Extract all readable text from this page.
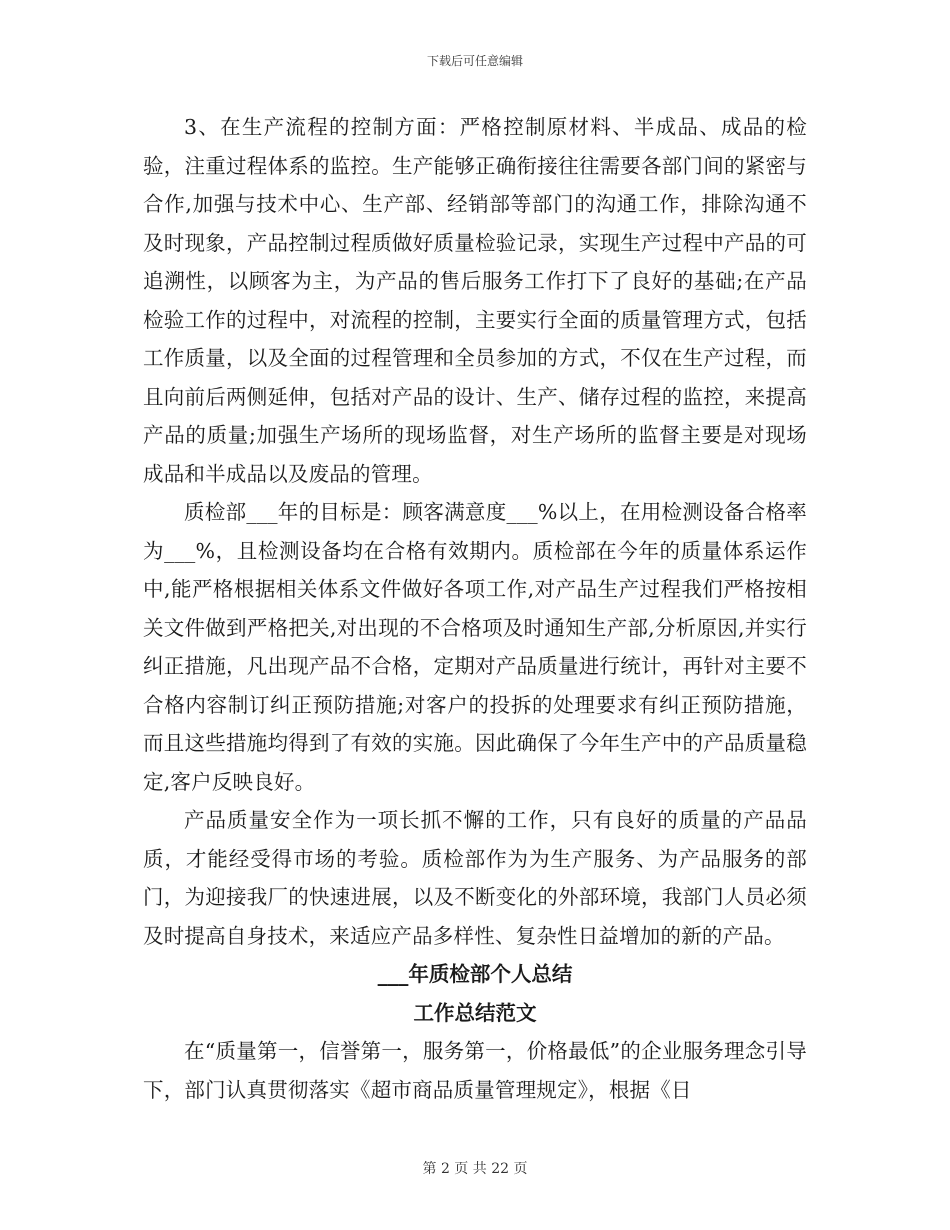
下载后可任意编辑

3、在生产流程的控制方面：严格控制原材料、半成品、成品的检验，注重过程体系的监控。生产能够正确衔接往往需要各部门间的紧密与合作,加强与技术中心、生产部、经销部等部门的沟通工作，排除沟通不及时现象，产品控制过程质做好质量检验记录，实现生产过程中产品的可追溯性，以顾客为主，为产品的售后服务工作打下了良好的基础;在产品检验工作的过程中，对流程的控制，主要实行全面的质量管理方式，包括工作质量，以及全面的过程管理和全员参加的方式，不仅在生产过程，而且向前后两侧延伸，包括对产品的设计、生产、储存过程的监控，来提高产品的质量;加强生产场所的现场监督，对生产场所的监督主要是对现场成品和半成品以及废品的管理。

质检部___年的目标是：顾客满意度___%以上，在用检测设备合格率为___%，且检测设备均在合格有效期内。质检部在今年的质量体系运作中,能严格根据相关体系文件做好各项工作,对产品生产过程我们严格按相关文件做到严格把关,对出现的不合格项及时通知生产部,分析原因,并实行纠正措施，凡出现产品不合格，定期对产品质量进行统计，再针对主要不合格内容制订纠正预防措施;对客户的投拆的处理要求有纠正预防措施，而且这些措施均得到了有效的实施。因此确保了今年生产中的产品质量稳定,客户反映良好。

产品质量安全作为一项长抓不懈的工作，只有良好的质量的产品品质，才能经受得市场的考验。质检部作为为生产服务、为产品服务的部门，为迎接我厂的快速进展，以及不断变化的外部环境，我部门人员必须及时提高自身技术，来适应产品多样性、复杂性日益增加的新的产品。

___年质检部个人总结

工作总结范文

在“质量第一，信誉第一，服务第一，价格最低”的企业服务理念引导下，部门认真贯彻落实《超市商品质量管理规定》，根据《日

第 2 页 共 22 页
